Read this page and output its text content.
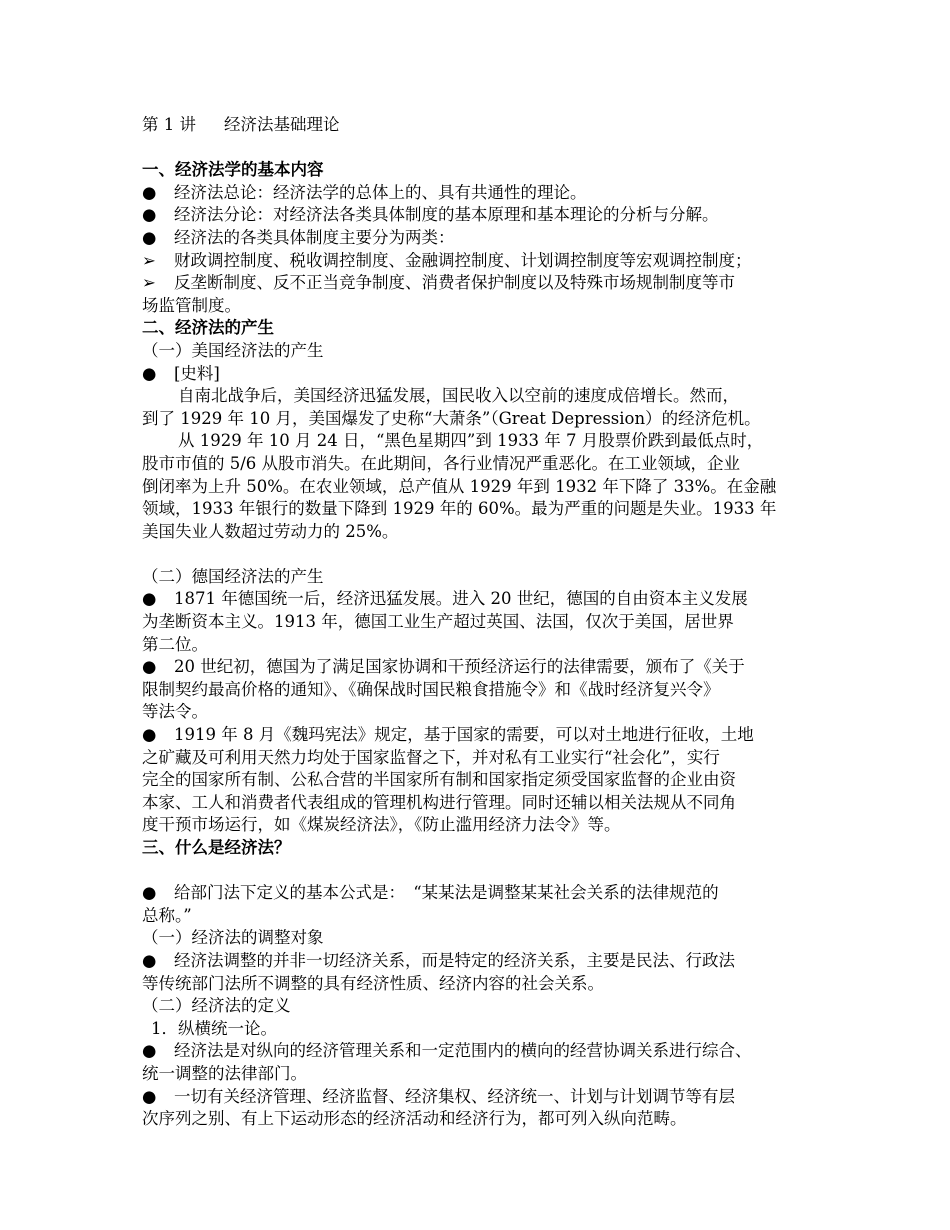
第 1 讲 经济法基础理论
一、经济法学的基本内容
● 经济法总论：经济法学的总体上的、具有共通性的理论。
● 经济法分论：对经济法各类具体制度的基本原理和基本理论的分析与分解。
● 经济法的各类具体制度主要分为两类：
➢ 财政调控制度、税收调控制度、金融调控制度、计划调控制度等宏观调控制度；
➢ 反垄断制度、反不正当竞争制度、消费者保护制度以及特殊市场规制制度等市
场监管制度。
二、经济法的产生
（一）美国经济法的产生
● [史料]
自南北战争后，美国经济迅猛发展，国民收入以空前的速度成倍增长。然而，
到了 1929 年 10 月，美国爆发了史称“大萧条”（Great Depression）的经济危机。
从 1929 年 10 月 24 日，“黑色星期四”到 1933 年 7 月股票价跌到最低点时，
股市市值的 5/6 从股市消失。在此期间，各行业情况严重恶化。在工业领域，企业
倒闭率为上升 50%。在农业领域，总产值从 1929 年到 1932 年下降了 33%。在金融
领域，1933 年银行的数量下降到 1929 年的 60%。最为严重的问题是失业。1933 年
美国失业人数超过劳动力的 25%。
（二）德国经济法的产生
● 1871 年德国统一后，经济迅猛发展。进入 20 世纪，德国的自由资本主义发展
为垄断资本主义。1913 年，德国工业生产超过英国、法国，仅次于美国，居世界
第二位。
● 20 世纪初，德国为了满足国家协调和干预经济运行的法律需要，颁布了《关于
限制契约最高价格的通知》、《确保战时国民粮食措施令》和《战时经济复兴令》
等法令。
● 1919 年 8 月《魏玛宪法》规定，基于国家的需要，可以对土地进行征收，土地
之矿藏及可利用天然力均处于国家监督之下，并对私有工业实行“社会化”，实行
完全的国家所有制、公私合营的半国家所有制和国家指定须受国家监督的企业由资
本家、工人和消费者代表组成的管理机构进行管理。同时还辅以相关法规从不同角
度干预市场运行，如《煤炭经济法》，《防止滥用经济力法令》等。
三、什么是经济法？
● 给部门法下定义的基本公式是：　“某某法是调整某某社会关系的法律规范的
总称。”
（一）经济法的调整对象
● 经济法调整的并非一切经济关系，而是特定的经济关系，主要是民法、行政法
等传统部门法所不调整的具有经济性质、经济内容的社会关系。
（二）经济法的定义
1．纵横统一论。
● 经济法是对纵向的经济管理关系和一定范围内的横向的经营协调关系进行综合、
统一调整的法律部门。
● 一切有关经济管理、经济监督、经济集权、经济统一、计划与计划调节等有层
次序列之别、有上下运动形态的经济活动和经济行为，都可列入纵向范畴。
